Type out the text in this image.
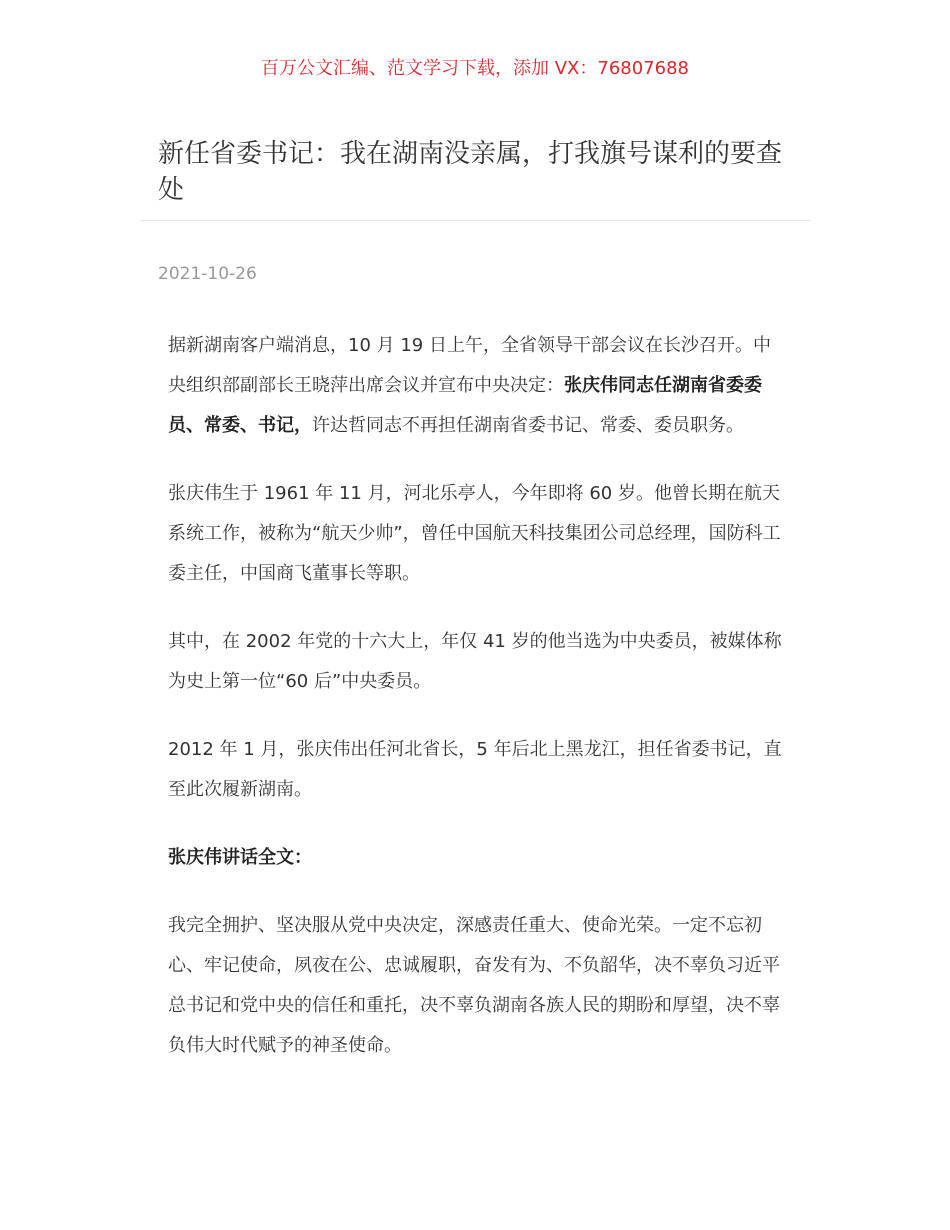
百万公文汇编、范文学习下载，添加 VX：76807688
新任省委书记：我在湖南没亲属，打我旗号谋利的要查处
2021-10-26

据新湖南客户端消息，10 月 19 日上午，全省领导干部会议在长沙召开。中央组织部副部长王晓萍出席会议并宣布中央决定：张庆伟同志任湖南省委委员、常委、书记，许达哲同志不再担任湖南省委书记、常委、委员职务。

张庆伟生于 1961 年 11 月，河北乐亭人，今年即将 60 岁。他曾长期在航天系统工作，被称为“航天少帅”，曾任中国航天科技集团公司总经理，国防科工委主任，中国商飞董事长等职。

其中，在 2002 年党的十六大上，年仅 41 岁的他当选为中央委员，被媒体称为史上第一位“60 后”中央委员。

2012 年 1 月，张庆伟出任河北省长，5 年后北上黑龙江，担任省委书记，直至此次履新湖南。

张庆伟讲话全文：

我完全拥护、坚决服从党中央决定，深感责任重大、使命光荣。一定不忘初心、牢记使命，夙夜在公、忠诚履职，奋发有为、不负韶华，决不辜负习近平总书记和党中央的信任和重托，决不辜负湖南各族人民的期盼和厚望，决不辜负伟大时代赋予的神圣使命。
